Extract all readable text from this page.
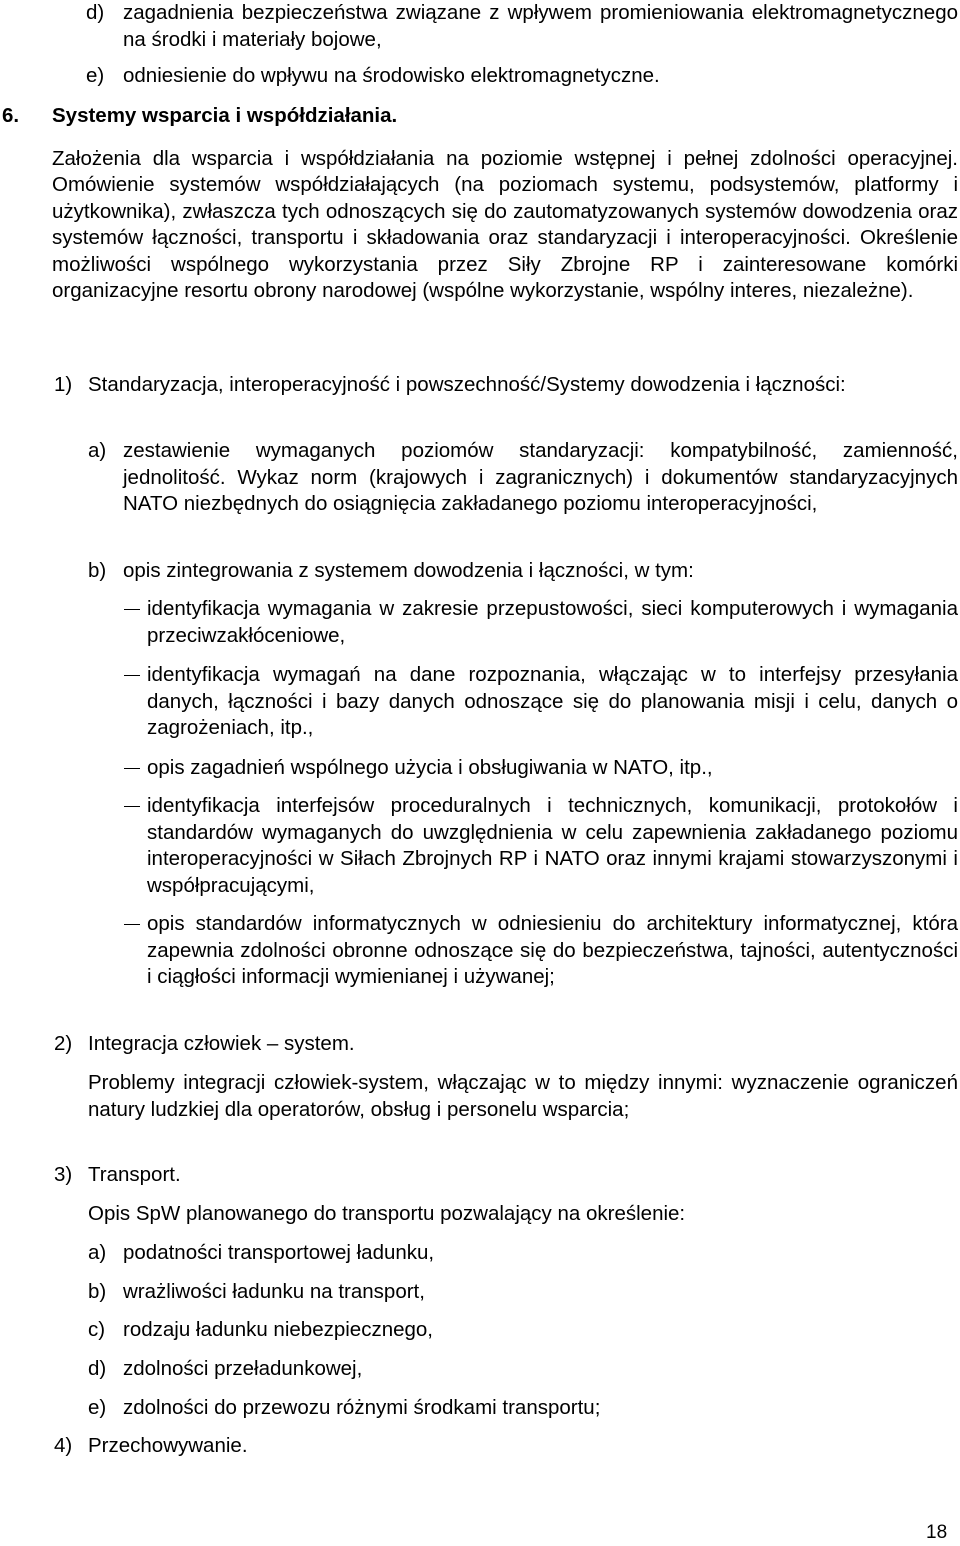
d) zagadnienia bezpieczeństwa związane z wpływem promieniowania elektromagnetycznego na środki i materiały bojowe,
e) odniesienie do wpływu na środowisko elektromagnetyczne.
6. Systemy wsparcia i współdziałania.

Założenia dla wsparcia i współdziałania na poziomie wstępnej i pełnej zdolności operacyjnej. Omówienie systemów współdziałających (na poziomach systemu, podsystemów, platformy i użytkownika), zwłaszcza tych odnoszących się do zautomatyzowanych systemów dowodzenia oraz systemów łączności, transportu i składowania oraz standaryzacji i interoperacyjności. Określenie możliwości wspólnego wykorzystania przez Siły Zbrojne RP i zainteresowane komórki organizacyjne resortu obrony narodowej (wspólne wykorzystanie, wspólny interes, niezależne).

1) Standaryzacja, interoperacyjność i powszechność/Systemy dowodzenia i łączności:
a) zestawienie wymaganych poziomów standaryzacji: kompatybilność, zamienność, jednolitość. Wykaz norm (krajowych i zagranicznych) i dokumentów standaryzacyjnych NATO niezbędnych do osiągnięcia zakładanego poziomu interoperacyjności,
b) opis zintegrowania z systemem dowodzenia i łączności, w tym:
identyfikacja wymagania w zakresie przepustowości, sieci komputerowych i wymagania przeciwzakłóceniowe,
identyfikacja wymagań na dane rozpoznania, włączając w to interfejsy przesyłania danych, łączności i bazy danych odnoszące się do planowania misji i celu, danych o zagrożeniach, itp.,
opis zagadnień wspólnego użycia i obsługiwania w NATO, itp.,
identyfikacja interfejsów proceduralnych i technicznych, komunikacji, protokołów i standardów wymaganych do uwzględnienia w celu zapewnienia zakładanego poziomu interoperacyjności w Siłach Zbrojnych RP i NATO oraz innymi krajami stowarzyszonymi i współpracującymi,
opis standardów informatycznych w odniesieniu do architektury informatycznej, która zapewnia zdolności obronne odnoszące się do bezpieczeństwa, tajności, autentyczności i ciągłości informacji wymienianej i używanej;
2) Integracja człowiek – system.

Problemy integracji człowiek-system, włączając w to między innymi: wyznaczenie ograniczeń natury ludzkiej dla operatorów, obsług i personelu wsparcia;

3) Transport.

Opis SpW planowanego do transportu pozwalający na określenie:

a) podatności transportowej ładunku,
b) wrażliwości ładunku na transport,
c) rodzaju ładunku niebezpiecznego,
d) zdolności przeładunkowej,
e) zdolności do przewozu różnymi środkami transportu;
4) Przechowywanie.
18
